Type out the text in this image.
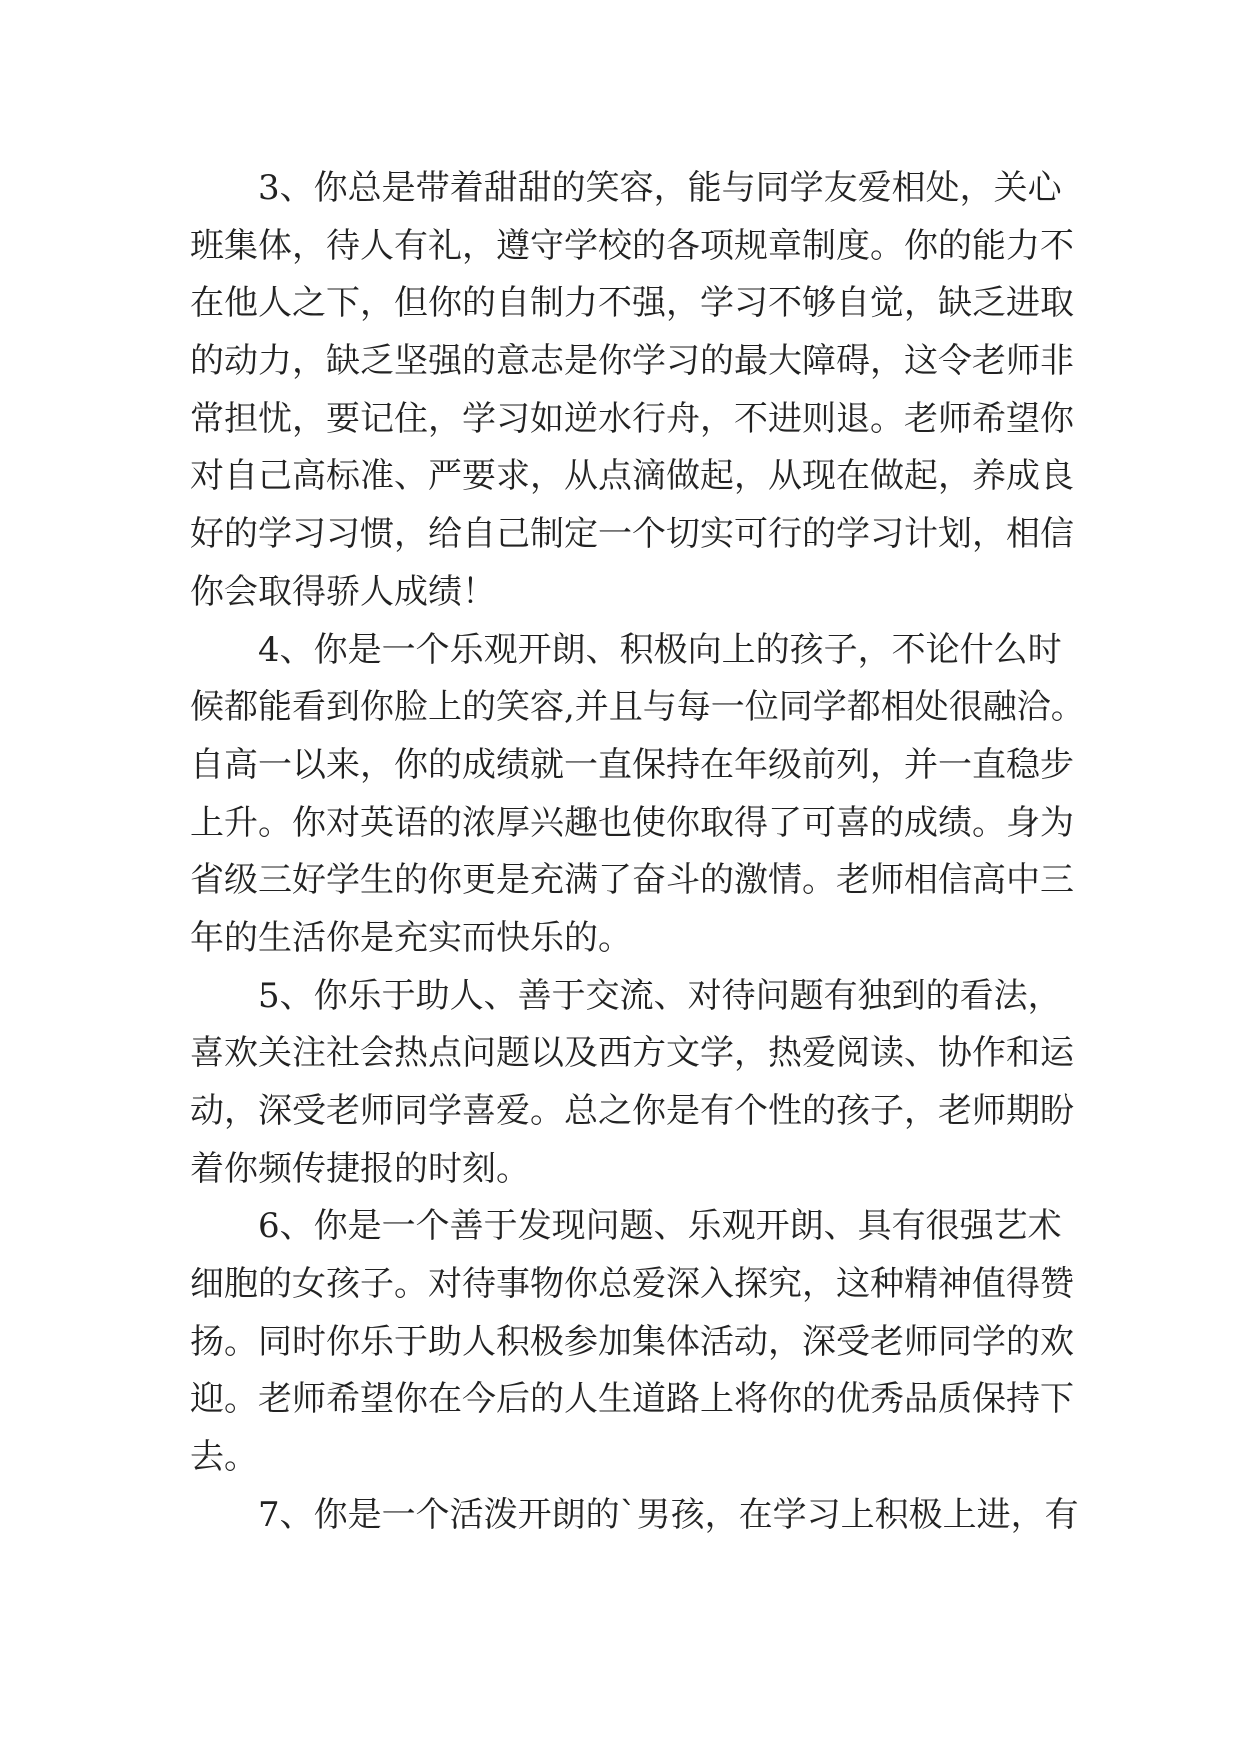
3、你总是带着甜甜的笑容，能与同学友爱相处，关心
班集体，待人有礼，遵守学校的各项规章制度。你的能力不
在他人之下，但你的自制力不强，学习不够自觉，缺乏进取
的动力，缺乏坚强的意志是你学习的最大障碍，这令老师非
常担忧，要记住，学习如逆水行舟，不进则退。老师希望你
对自己高标准、严要求，从点滴做起，从现在做起，养成良
好的学习习惯，给自己制定一个切实可行的学习计划，相信
你会取得骄人成绩！
4、你是一个乐观开朗、积极向上的孩子，不论什么时
候都能看到你脸上的笑容,并且与每一位同学都相处很融洽。
自高一以来，你的成绩就一直保持在年级前列，并一直稳步
上升。你对英语的浓厚兴趣也使你取得了可喜的成绩。身为
省级三好学生的你更是充满了奋斗的激情。老师相信高中三
年的生活你是充实而快乐的。
5、你乐于助人、善于交流、对待问题有独到的看法，
喜欢关注社会热点问题以及西方文学，热爱阅读、协作和运
动，深受老师同学喜爱。总之你是有个性的孩子，老师期盼
着你频传捷报的时刻。
6、你是一个善于发现问题、乐观开朗、具有很强艺术
细胞的女孩子。对待事物你总爱深入探究，这种精神值得赞
扬。同时你乐于助人积极参加集体活动，深受老师同学的欢
迎。老师希望你在今后的人生道路上将你的优秀品质保持下
去。
7、你是一个活泼开朗的`男孩，在学习上积极上进，有
